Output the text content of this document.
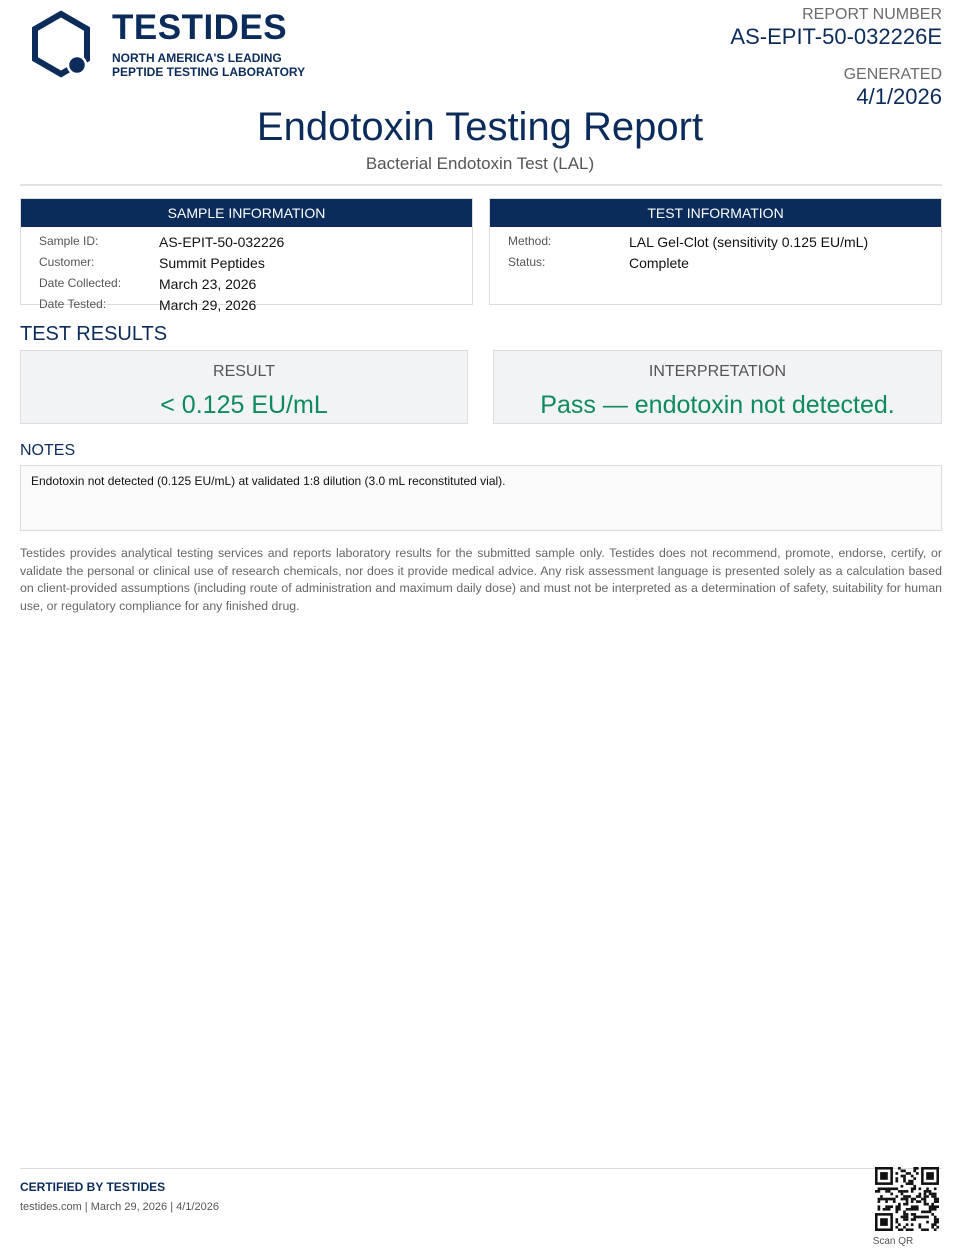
TESTIDES
NORTH AMERICA'S LEADING
PEPTIDE TESTING LABORATORY
REPORT NUMBER
AS-EPIT-50-032226E
GENERATED
4/1/2026
Endotoxin Testing Report
Bacterial Endotoxin Test (LAL)
SAMPLE INFORMATION
Sample ID:	AS-EPIT-50-032226
Customer:	Summit Peptides
Date Collected:	March 23, 2026
Date Tested:	March 29, 2026
TEST INFORMATION
Method:	LAL Gel-Clot (sensitivity 0.125 EU/mL)
Status:	Complete
TEST RESULTS
RESULT
< 0.125 EU/mL
INTERPRETATION
Pass — endotoxin not detected.
NOTES
Endotoxin not detected (0.125 EU/mL) at validated 1:8 dilution (3.0 mL reconstituted vial).
Testides provides analytical testing services and reports laboratory results for the submitted sample only. Testides does not recommend, promote, endorse, certify, or validate the personal or clinical use of research chemicals, nor does it provide medical advice. Any risk assessment language is presented solely as a calculation based on client-provided assumptions (including route of administration and maximum daily dose) and must not be interpreted as a determination of safety, suitability for human use, or regulatory compliance for any finished drug.
CERTIFIED BY TESTIDES
testides.com | March 29, 2026 | 4/1/2026
Scan QR
